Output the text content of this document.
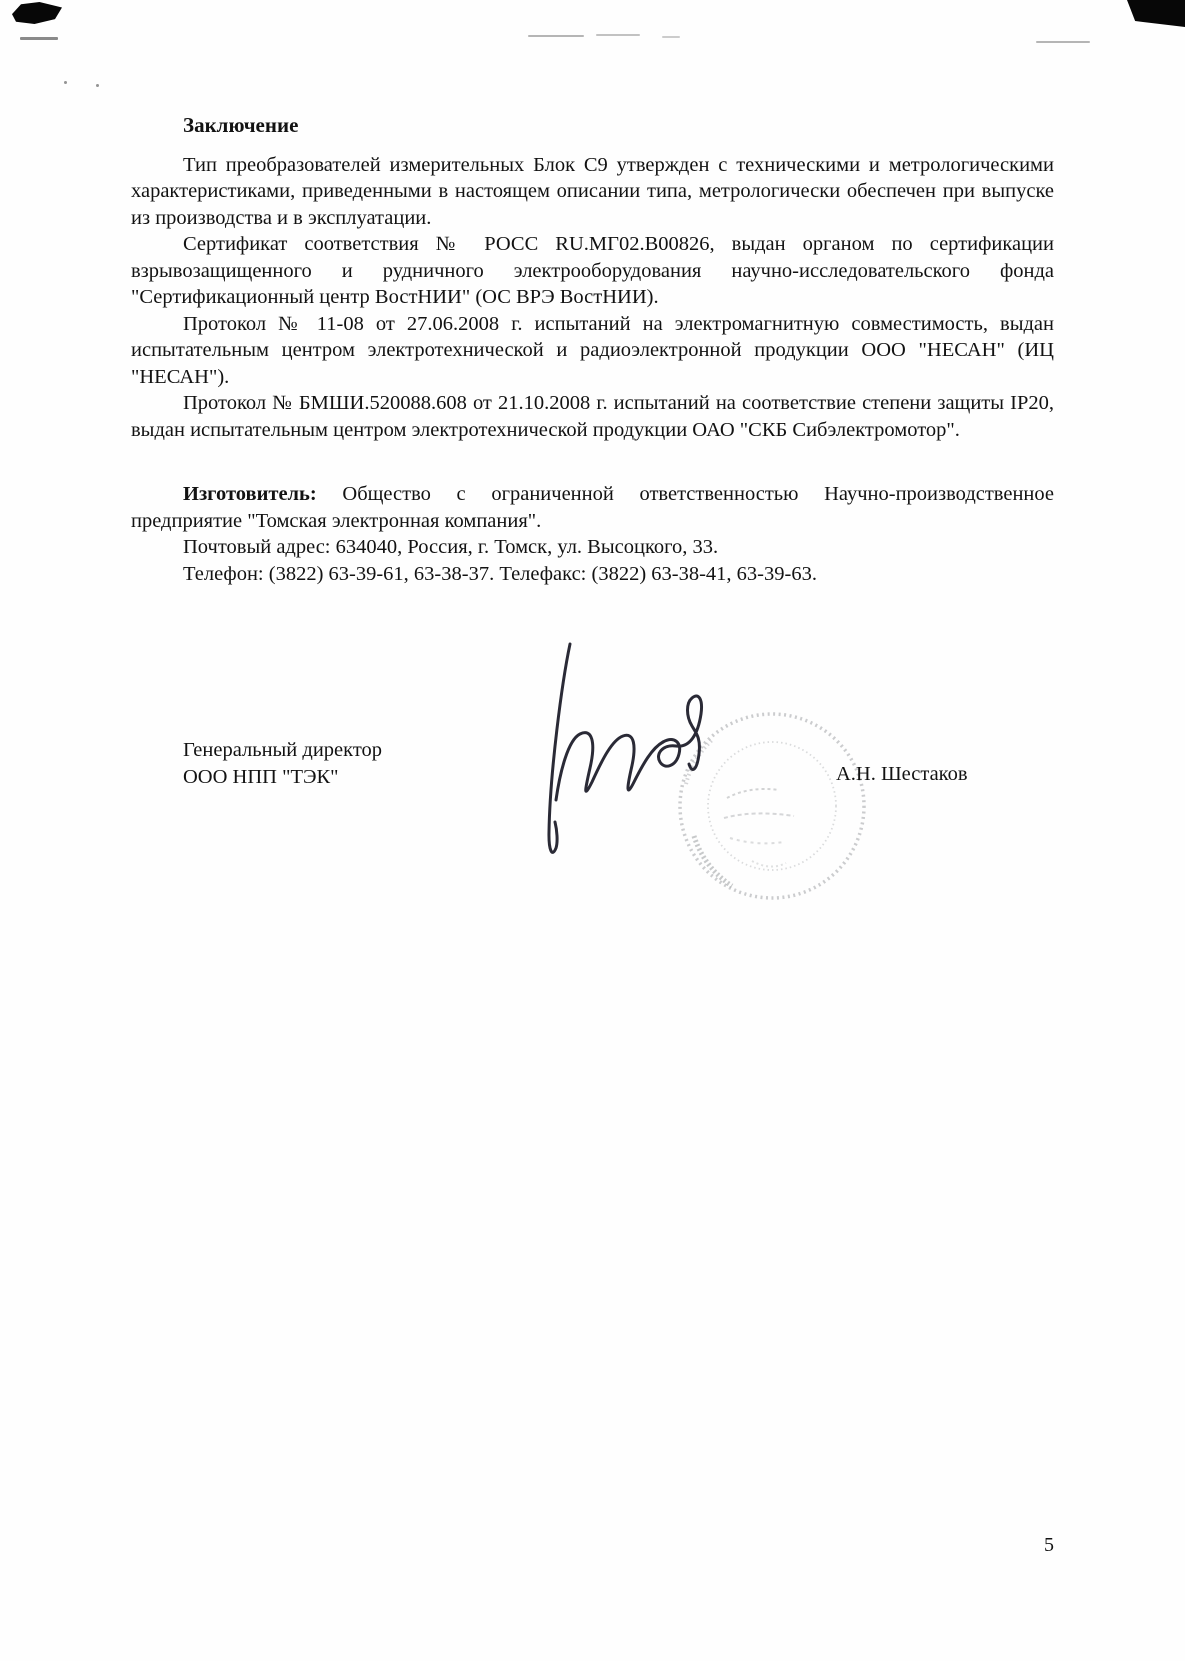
Заключение

Тип преобразователей измерительных Блок С9 утвержден с техническими и метрологическими характеристиками, приведенными в настоящем описании типа, метрологически обеспечен при выпуске из производства и в эксплуатации.

Сертификат соответствия № РОСС RU.МГ02.В00826, выдан органом по сертификации взрывозащищенного и рудничного электрооборудования научно-исследовательского фонда "Сертификационный центр ВостНИИ" (ОС ВРЭ ВостНИИ).

Протокол № 11-08 от 27.06.2008 г. испытаний на электромагнитную совместимость, выдан испытательным центром электротехнической и радиоэлектронной продукции ООО "НЕСАН" (ИЦ "НЕСАН").

Протокол № БМШИ.520088.608 от 21.10.2008 г. испытаний на соответствие степени защиты IP20, выдан испытательным центром электротехнической продукции ОАО "СКБ Сибэлектромотор".

Изготовитель: Общество с ограниченной ответственностью Научно-производственное предприятие "Томская электронная компания".

Почтовый адрес: 634040, Россия, г. Томск, ул. Высоцкого, 33.

Телефон: (3822) 63-39-61, 63-38-37. Телефакс: (3822) 63-38-41, 63-39-63.

Генеральный директор
ООО НПП "ТЭК"	А.Н. Шестаков
5
